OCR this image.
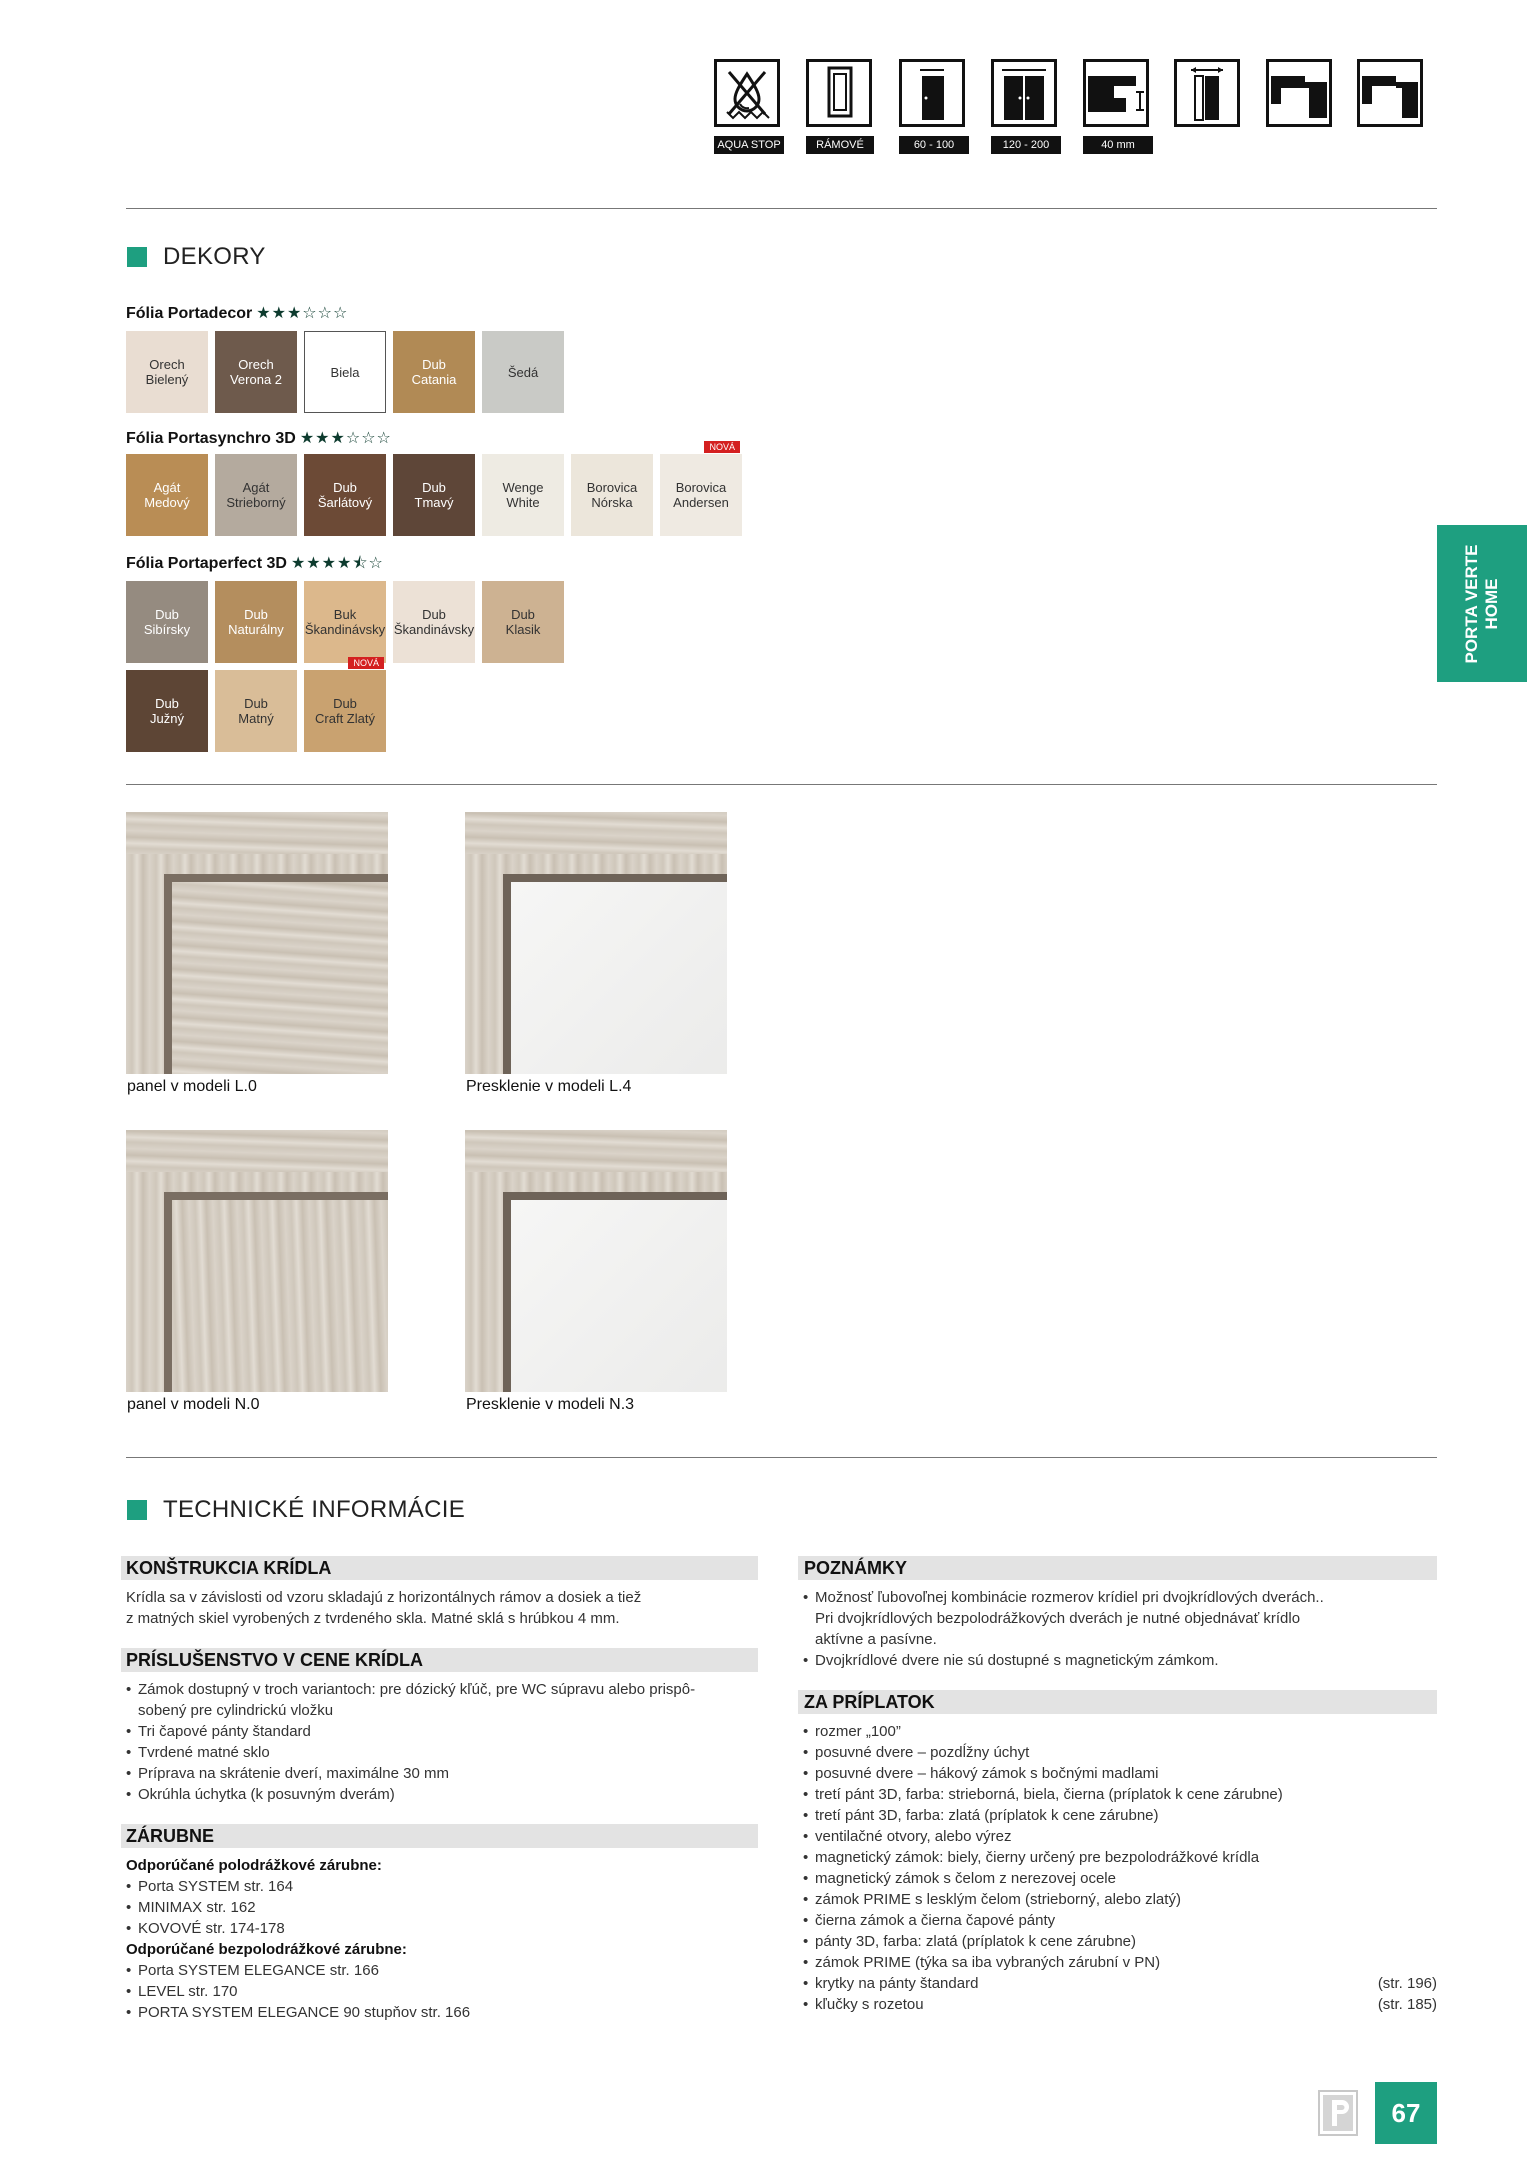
AQUA STOP	RÁMOVÉ	60 - 100	120 - 200	40 mm
DEKORY
Fólia Portadecor ★★★☆☆☆
Orech
Bielený
Orech
Verona 2	Biela	Dub
Catania	Šedá
Fólia Portasynchro 3D ★★★☆☆☆
Agát
Medový
Agát
Strieborný
Dub
Šarlátový
Dub
Tmavý
Wenge
White
Borovica
Nórska
Borovica
Andersen
NOVÁ
Fólia Portaperfect 3D ★★★★⯪☆
Dub
Sibírsky
Dub
Naturálny
Buk
Škandinávsky
Dub
Škandinávsky
Dub
Klasik
Dub
Južný
Dub
Matný
Dub
Craft Zlatý
NOVÁ
panel v modeli L.0	Presklenie v modeli L.4
panel v modeli N.0	Presklenie v modeli N.3
PORTA VERTE HOME
TECHNICKÉ INFORMÁCIE
KONŠTRUKCIA KRÍDLA
Krídla sa v závislosti od vzoru skladajú z horizontálnych rámov a dosiek a tiež
z matných skiel vyrobených z tvrdeného skla. Matné sklá s hrúbkou 4 mm.
PRÍSLUŠENSTVO V CENE KRÍDLA
• Zámok dostupný v troch variantoch: pre dózický kľúč, pre WC súpravu alebo prispô-
sobený pre cylindrickú vložku
• Tri čapové pánty štandard
• Tvrdené matné sklo
• Príprava na skrátenie dverí, maximálne 30 mm
• Okrúhla úchytka (k posuvným dverám)
ZÁRUBNE
Odporúčané polodrážkové zárubne:
• Porta SYSTEM str. 164
• MINIMAX str. 162
• KOVOVÉ str. 174-178
Odporúčané bezpolodrážkové zárubne:
• Porta SYSTEM ELEGANCE str. 166
• LEVEL str. 170
• PORTA SYSTEM ELEGANCE 90 stupňov str. 166
POZNÁMKY
• Možnosť ľubovoľnej kombinácie rozmerov krídiel pri dvojkrídlových dverách..
Pri dvojkrídlových bezpolodrážkových dverách je nutné objednávať krídlo
aktívne a pasívne.
• Dvojkrídlové dvere nie sú dostupné s magnetickým zámkom.
ZA PRÍPLATOK
• rozmer „100”
• posuvné dvere – pozdĺžny úchyt
• posuvné dvere – hákový zámok s bočnými madlami
• tretí pánt 3D, farba: strieborná, biela, čierna (príplatok k cene zárubne)
• tretí pánt 3D, farba: zlatá (príplatok k cene zárubne)
• ventilačné otvory, alebo výrez
• magnetický zámok: biely, čierny určený pre bezpolodrážkové krídla
• magnetický zámok s čelom z nerezovej ocele
• zámok PRIME s lesklým čelom (strieborný, alebo zlatý)
• čierna zámok a čierna čapové pánty
• pánty 3D, farba: zlatá (príplatok k cene zárubne)
• zámok PRIME (týka sa iba vybraných zárubní v PN)
• krytky na pánty štandard	(str. 196)
• kľučky s rozetou	(str. 185)
67
